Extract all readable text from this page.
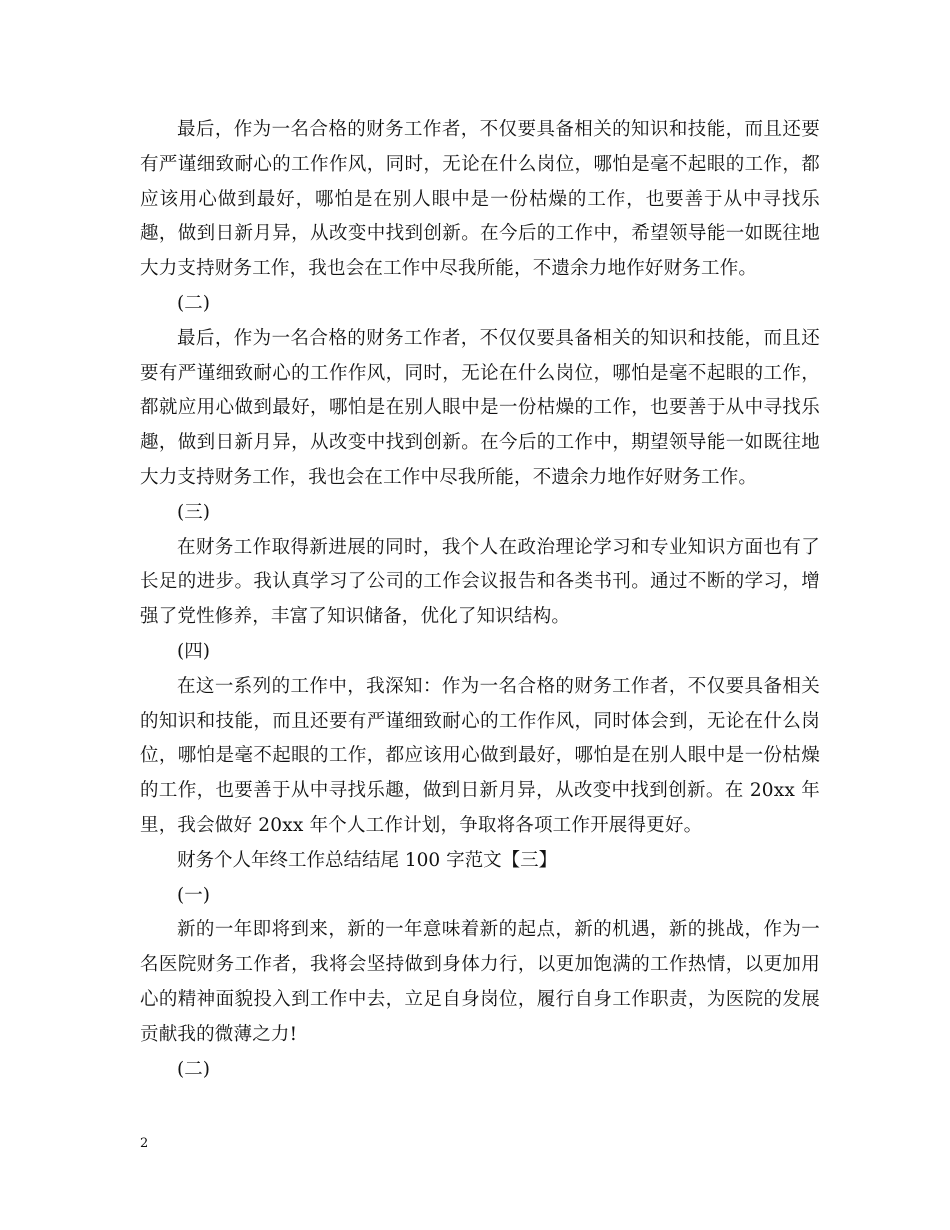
最后，作为一名合格的财务工作者，不仅要具备相关的知识和技能，而且还要有严谨细致耐心的工作作风，同时，无论在什么岗位，哪怕是毫不起眼的工作，都应该用心做到最好，哪怕是在别人眼中是一份枯燥的工作，也要善于从中寻找乐趣，做到日新月异，从改变中找到创新。在今后的工作中，希望领导能一如既往地大力支持财务工作，我也会在工作中尽我所能，不遗余力地作好财务工作。

(二)

最后，作为一名合格的财务工作者，不仅仅要具备相关的知识和技能，而且还要有严谨细致耐心的工作作风，同时，无论在什么岗位，哪怕是毫不起眼的工作，都就应用心做到最好，哪怕是在别人眼中是一份枯燥的工作，也要善于从中寻找乐趣，做到日新月异，从改变中找到创新。在今后的工作中，期望领导能一如既往地大力支持财务工作，我也会在工作中尽我所能，不遗余力地作好财务工作。

(三)

在财务工作取得新进展的同时，我个人在政治理论学习和专业知识方面也有了长足的进步。我认真学习了公司的工作会议报告和各类书刊。通过不断的学习，增强了党性修养，丰富了知识储备，优化了知识结构。

(四)

在这一系列的工作中，我深知：作为一名合格的财务工作者，不仅要具备相关的知识和技能，而且还要有严谨细致耐心的工作作风，同时体会到，无论在什么岗位，哪怕是毫不起眼的工作，都应该用心做到最好，哪怕是在别人眼中是一份枯燥的工作，也要善于从中寻找乐趣，做到日新月异，从改变中找到创新。在 20xx 年里，我会做好 20xx 年个人工作计划，争取将各项工作开展得更好。

财务个人年终工作总结结尾 100 字范文【三】

(一)

新的一年即将到来，新的一年意味着新的起点，新的机遇，新的挑战，作为一名医院财务工作者，我将会坚持做到身体力行，以更加饱满的工作热情，以更加用心的精神面貌投入到工作中去，立足自身岗位，履行自身工作职责，为医院的发展贡献我的微薄之力!

(二)

2
